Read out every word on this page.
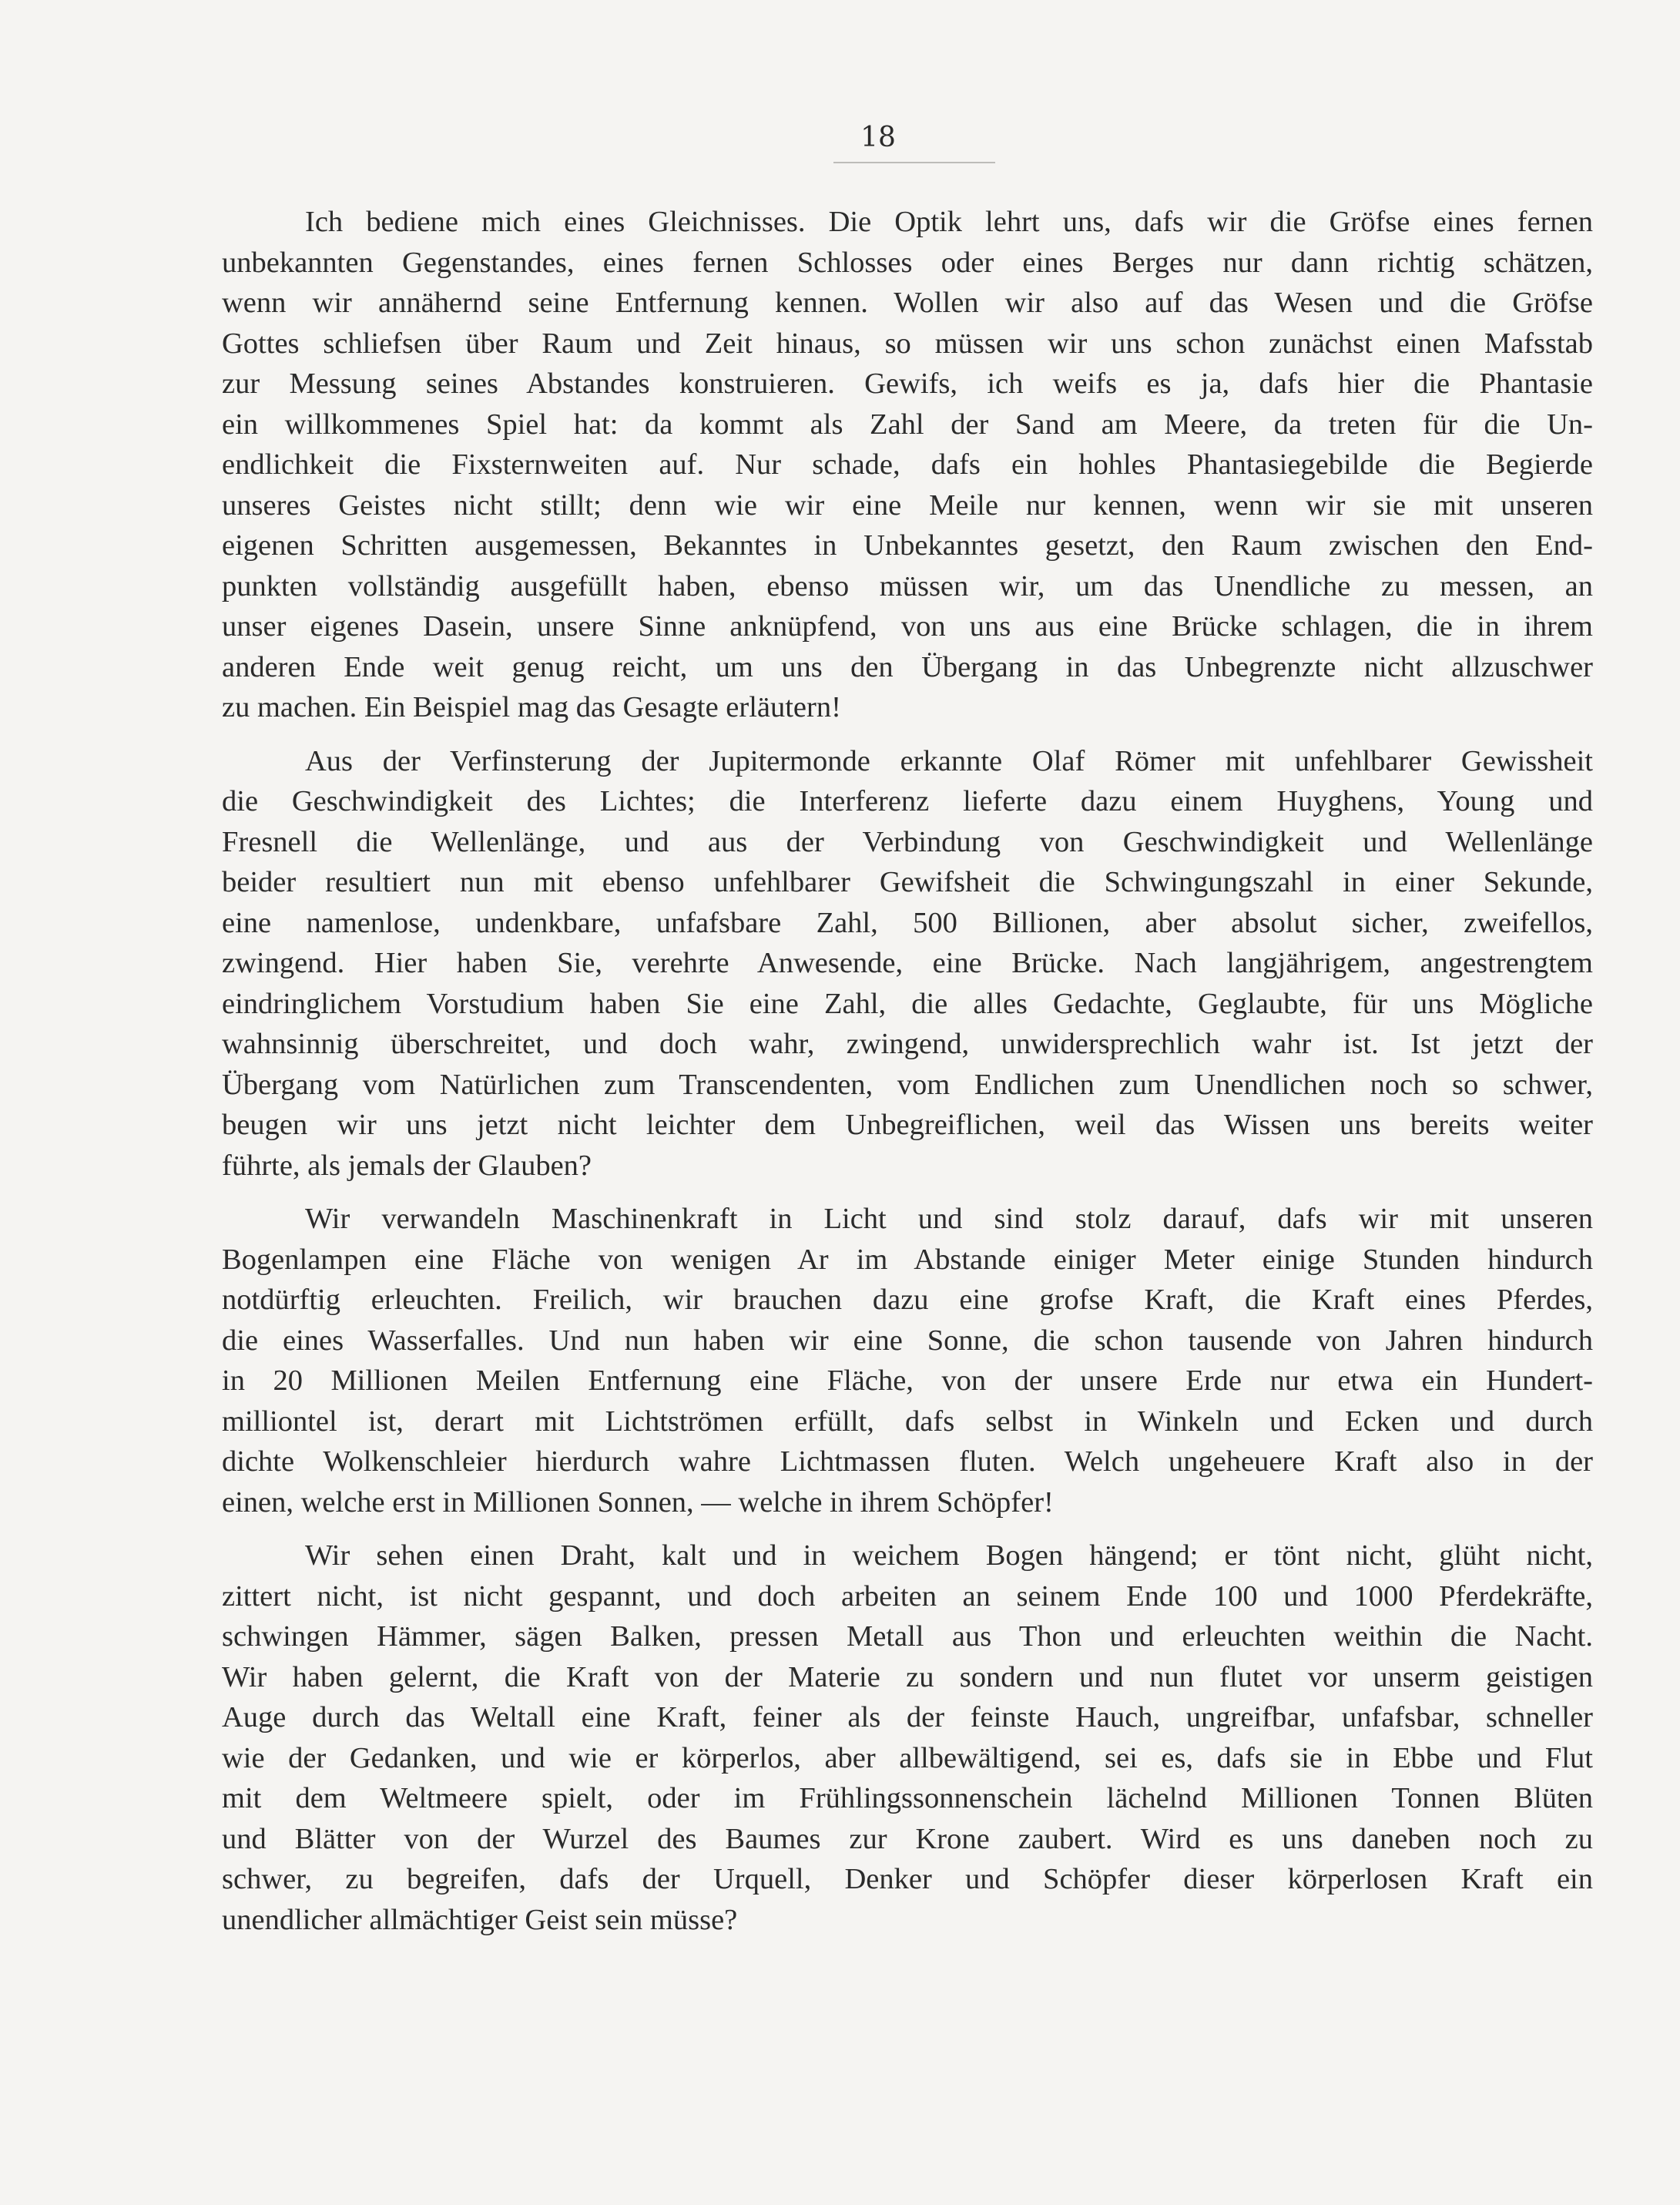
18

Ich bediene mich eines Gleichnisses. Die Optik lehrt uns, dafs wir die Gröfse eines fernen
unbekannten Gegenstandes, eines fernen Schlosses oder eines Berges nur dann richtig schätzen,
wenn wir annähernd seine Entfernung kennen. Wollen wir also auf das Wesen und die Gröfse
Gottes schliefsen über Raum und Zeit hinaus, so müssen wir uns schon zunächst einen Mafsstab
zur Messung seines Abstandes konstruieren. Gewifs, ich weifs es ja, dafs hier die Phantasie
ein willkommenes Spiel hat: da kommt als Zahl der Sand am Meere, da treten für die Un-
endlichkeit die Fixsternweiten auf. Nur schade, dafs ein hohles Phantasiegebilde die Begierde
unseres Geistes nicht stillt; denn wie wir eine Meile nur kennen, wenn wir sie mit unseren
eigenen Schritten ausgemessen, Bekanntes in Unbekanntes gesetzt, den Raum zwischen den End-
punkten vollständig ausgefüllt haben, ebenso müssen wir, um das Unendliche zu messen, an
unser eigenes Dasein, unsere Sinne anknüpfend, von uns aus eine Brücke schlagen, die in ihrem
anderen Ende weit genug reicht, um uns den Übergang in das Unbegrenzte nicht allzuschwer
zu machen. Ein Beispiel mag das Gesagte erläutern!

Aus der Verfinsterung der Jupitermonde erkannte Olaf Römer mit unfehlbarer Gewissheit
die Geschwindigkeit des Lichtes; die Interferenz lieferte dazu einem Huyghens, Young und
Fresnell die Wellenlänge, und aus der Verbindung von Geschwindigkeit und Wellenlänge
beider resultiert nun mit ebenso unfehlbarer Gewifsheit die Schwingungszahl in einer Sekunde,
eine namenlose, undenkbare, unfafsbare Zahl, 500 Billionen, aber absolut sicher, zweifellos,
zwingend. Hier haben Sie, verehrte Anwesende, eine Brücke. Nach langjährigem, angestrengtem
eindringlichem Vorstudium haben Sie eine Zahl, die alles Gedachte, Geglaubte, für uns Mögliche
wahnsinnig überschreitet, und doch wahr, zwingend, unwidersprechlich wahr ist. Ist jetzt der
Übergang vom Natürlichen zum Transcendenten, vom Endlichen zum Unendlichen noch so schwer,
beugen wir uns jetzt nicht leichter dem Unbegreiflichen, weil das Wissen uns bereits weiter
führte, als jemals der Glauben?

Wir verwandeln Maschinenkraft in Licht und sind stolz darauf, dafs wir mit unseren
Bogenlampen eine Fläche von wenigen Ar im Abstande einiger Meter einige Stunden hindurch
notdürftig erleuchten. Freilich, wir brauchen dazu eine grofse Kraft, die Kraft eines Pferdes,
die eines Wasserfalles. Und nun haben wir eine Sonne, die schon tausende von Jahren hindurch
in 20 Millionen Meilen Entfernung eine Fläche, von der unsere Erde nur etwa ein Hundert-
milliontel ist, derart mit Lichtströmen erfüllt, dafs selbst in Winkeln und Ecken und durch
dichte Wolkenschleier hierdurch wahre Lichtmassen fluten. Welch ungeheuere Kraft also in der
einen, welche erst in Millionen Sonnen, — welche in ihrem Schöpfer!

Wir sehen einen Draht, kalt und in weichem Bogen hängend; er tönt nicht, glüht nicht,
zittert nicht, ist nicht gespannt, und doch arbeiten an seinem Ende 100 und 1000 Pferdekräfte,
schwingen Hämmer, sägen Balken, pressen Metall aus Thon und erleuchten weithin die Nacht.
Wir haben gelernt, die Kraft von der Materie zu sondern und nun flutet vor unserm geistigen
Auge durch das Weltall eine Kraft, feiner als der feinste Hauch, ungreifbar, unfafsbar, schneller
wie der Gedanken, und wie er körperlos, aber allbewältigend, sei es, dafs sie in Ebbe und Flut
mit dem Weltmeere spielt, oder im Frühlingssonnenschein lächelnd Millionen Tonnen Blüten
und Blätter von der Wurzel des Baumes zur Krone zaubert. Wird es uns daneben noch zu
schwer, zu begreifen, dafs der Urquell, Denker und Schöpfer dieser körperlosen Kraft ein
unendlicher allmächtiger Geist sein müsse?
